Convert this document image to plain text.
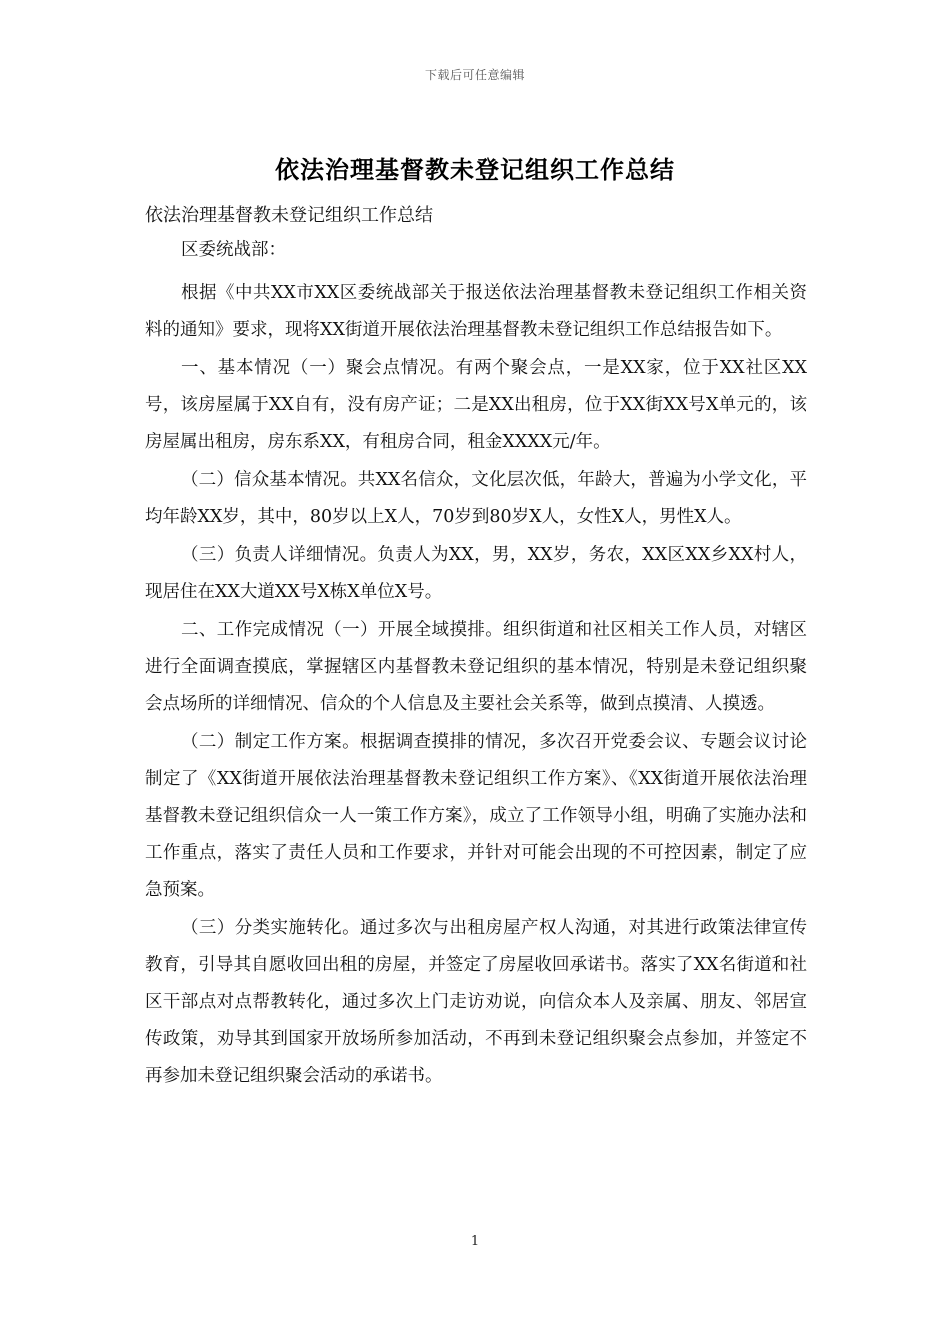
下载后可任意编辑
依法治理基督教未登记组织工作总结
依法治理基督教未登记组织工作总结

区委统战部：

根据《中共XX市XX区委统战部关于报送依法治理基督教未登记组织工作相关资料的通知》要求，现将XX街道开展依法治理基督教未登记组织工作总结报告如下。

一、基本情况（一）聚会点情况。有两个聚会点，一是XX家，位于XX社区XX号，该房屋属于XX自有，没有房产证；二是XX出租房，位于XX街XX号X单元的，该房屋属出租房，房东系XX，有租房合同，租金XXXX元/年。

（二）信众基本情况。共XX名信众，文化层次低，年龄大，普遍为小学文化，平均年龄XX岁，其中，80岁以上X人，70岁到80岁X人，女性X人，男性X人。

（三）负责人详细情况。负责人为XX，男，XX岁，务农，XX区XX乡XX村人，现居住在XX大道XX号X栋X单位X号。

二、工作完成情况（一）开展全域摸排。组织街道和社区相关工作人员，对辖区进行全面调查摸底，掌握辖区内基督教未登记组织的基本情况，特别是未登记组织聚会点场所的详细情况、信众的个人信息及主要社会关系等，做到点摸清、人摸透。

（二）制定工作方案。根据调查摸排的情况，多次召开党委会议、专题会议讨论制定了《XX街道开展依法治理基督教未登记组织工作方案》、《XX街道开展依法治理基督教未登记组织信众一人一策工作方案》，成立了工作领导小组，明确了实施办法和工作重点，落实了责任人员和工作要求，并针对可能会出现的不可控因素，制定了应急预案。

（三）分类实施转化。通过多次与出租房屋产权人沟通，对其进行政策法律宣传教育，引导其自愿收回出租的房屋，并签定了房屋收回承诺书。落实了XX名街道和社区干部点对点帮教转化，通过多次上门走访劝说，向信众本人及亲属、朋友、邻居宣传政策，劝导其到国家开放场所参加活动，不再到未登记组织聚会点参加，并签定不再参加未登记组织聚会活动的承诺书。

1
